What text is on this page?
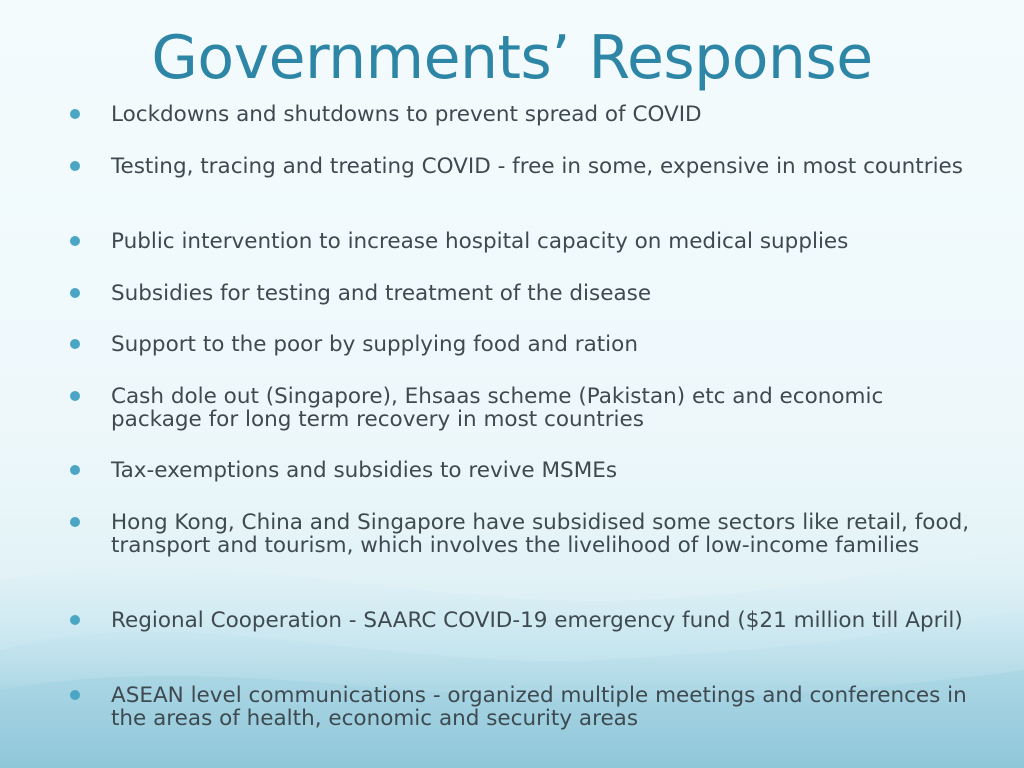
Governments’ Response
Lockdowns and shutdowns to prevent spread of COVID
Testing, tracing and treating COVID - free in some, expensive in most countries
Public intervention to increase hospital capacity on medical supplies
Subsidies for testing and treatment of the disease
Support to the poor by supplying food and ration
Cash dole out (Singapore), Ehsaas scheme (Pakistan) etc and economic package for long term recovery in most countries
Tax-exemptions and subsidies to revive MSMEs
Hong Kong, China and Singapore have subsidised some sectors like retail, food, transport and tourism, which involves the livelihood of low-income families
Regional Cooperation - SAARC COVID-19 emergency fund ($21 million till April)
ASEAN level communications - organized multiple meetings and conferences in the areas of health, economic and security areas
